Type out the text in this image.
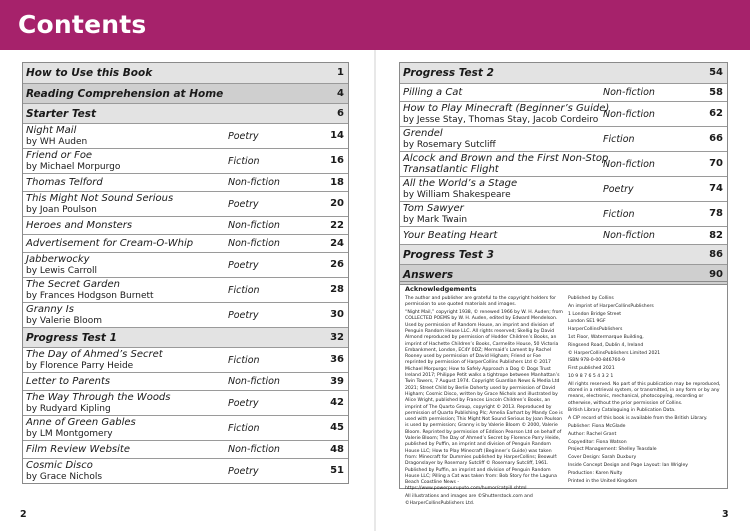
Contents
How to Use this Book	1
Reading Comprehension at Home	4
Starter Test	6
Night Mail
by WH Auden	Poetry	14
Friend or Foe
by Michael Morpurgo	Fiction	16
Thomas Telford	Non-fiction	18
This Might Not Sound Serious
by Joan Poulson	Poetry	20
Heroes and Monsters	Non-fiction	22
Advertisement for Cream-O-Whip	Non-fiction	24
Jabberwocky
by Lewis Carroll	Poetry	26
The Secret Garden
by Frances Hodgson Burnett	Fiction	28
Granny Is
by Valerie Bloom	Poetry	30
Progress Test 1	32
The Day of Ahmed’s Secret
by Florence Parry Heide	Fiction	36
Letter to Parents	Non-fiction	39
The Way Through the Woods
by Rudyard Kipling	Poetry	42
Anne of Green Gables
by LM Montgomery	Fiction	45
Film Review Website	Non-fiction	48
Cosmic Disco
by Grace Nichols	Poetry	51
Progress Test 2	54
Pilling a Cat	Non-fiction	58
How to Play Minecraft (Beginner’s Guide)
by Jesse Stay, Thomas Stay, Jacob Cordeiro Non-fiction	62
Grendel
by Rosemary Sutcliff	Fiction	66
Alcock and Brown and the First Non-Stop
Transatlantic Flight	Non-fiction	70
All the World’s a Stage
by William Shakespeare	Poetry	74
Tom Sawyer
by Mark Twain	Fiction	78
Your Beating Heart	Non-fiction	82
Progress Test 3	86
Answers	90
Acknowledgements

The author and publisher are grateful to the copyright holders for permission to use quoted materials and images.

“Night Mail,” copyright 1938, © renewed 1966 by W. H. Auden; from COLLECTED POEMS by W. H. Auden, edited by Edward Mendelson. Used by permission of Random House, an imprint and division of Penguin Random House LLC. All rights reserved; Skellig by David Almond reproduced by permission of Hodder Children’s Books, an imprint of Hachette Children’s Books, Carmelite House, 50 Victoria Embankment, London, EC4Y 0DZ; Mermaid’s Lament by Rachel Rooney used by permission of David Higham; Friend or Foe reprinted by permission of HarperCollins Publishers Ltd © 2017 Michael Morpurgo; How to Safely Approach a Dog © Dogs Trust Ireland 2017; Philippe Petit walks a tightrope between Manhattan’s Twin Towers, 7 August 1974. Copyright Guardian News & Media Ltd 2021; Street Child by Berlie Doherty used by permission of David Higham; Cosmic Disco, written by Grace Nichols and illustrated by Alice Wright, published by Frances Lincoln Children’s Books, an imprint of The Quarto Group, copyright © 2013. Reproduced by permission of Quarto Publishing Plc; Amelia Earhart by Mandy Coe is used with permission; This Might Not Sound Serious by Joan Poulson is used by permission; Granny is by Valerie Bloom © 2000, Valerie Bloom. Reprinted by permission of Eddison Pearson Ltd on behalf of Valerie Bloom; The Day of Ahmed’s Secret by Florence Parry Heide, published by Puffin, an imprint and division of Penguin Random House LLC; How to Play Minecraft (Beginner’s Guide) was taken from: Minecraft for Dummies published by HarperCollins; Beowulf: Dragonslayer by Rosemary Sutcliff © Rosemary Sutcliff, 1961. Published by Puffin, an imprint and division of Penguin Random House LLC; Pilling a Cat was taken from: Bob Story for the Laguna Beach Coastline News - https://www.powerpuruputo.com/humor/catpill.shtml

All illustrations and images are ©Shutterstock.com and ©HarperCollinsPublishers Ltd.

Published by Collins

An imprint of HarperCollinsPublishers

1 London Bridge Street

London SE1 9GF

HarperCollinsPublishers

1st Floor, Watermarque Building,

Ringsend Road, Dublin 4, Ireland

© HarperCollinsPublishers Limited 2021

ISBN 978-0-00-846760-9

First published 2021

10 9 8 7 6 5 4 3 2 1

All rights reserved. No part of this publication may be reproduced, stored in a retrieval system, or transmitted, in any form or by any means, electronic, mechanical, photocopying, recording or otherwise, without the prior permission of Collins.

British Library Cataloguing in Publication Data.

A CIP record of this book is available from the British Library.

Publisher: Fiona McGlade

Author: Rachel Grant

Copyeditor: Fiona Watson

Project Management: Shelley Teasdale

Cover Design: Sarah Duxbury

Inside Concept Design and Page Layout: Ian Wrigley

Production: Karen Nulty

Printed in the United Kingdom

2	3
